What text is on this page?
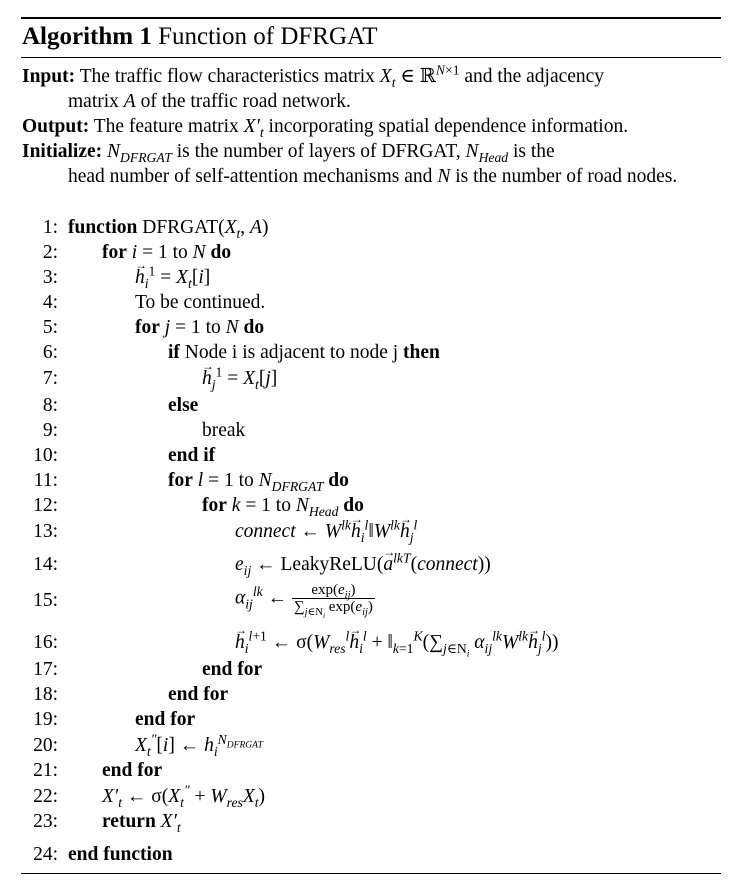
Algorithm 1 Function of DFRGAT
Input: The traffic flow characteristics matrix $X_t$ ∈ ℝ$^{N\times 1}$ and the adjacency
matrix A of the traffic road network.
Output: The feature matrix $X'_t$ incorporating spatial dependence information.
Initialize: $N_{DFRGAT}$ is the number of layers of DFRGAT, $N_{Head}$ is the
head number of self-attention mechanisms and N is the number of road nodes.
1: function $DFRGAT(X_t$, A)
2: for i = 1 to N do
3:	→ $h_i^1 = X_t[i]$
4:	To be continued.
5:	for j = 1 to N do
6:	if Node i is adjacent to node j then
7:	→ $h_j^1 = X_t[j]$
8:	else
9:	break
10:	end if
11:	for l = 1 to $N_{DFRGAT}$ do
12:	for k = 1 to $N_{Head}$ do
13:	connect ← $W^{lk}\to$ $h_i^l‖W^{lk}\to h_j^l$
14:	$e_{ij}$ ← LeakyReLU(→ $a^{lkT}(connect)$)
15:	$\alpha_{ij}^{lk}$ ← $\frac{\exp(e_{ij})}{\sum_{j\in N_i} \exp(e_{ij})}$
16:	→ $h_i^{l+1}$ ← $\sigma(W_{res}^l\to h_i^l$ + $‖_{k=1}^K(\sum_{j\in N_i}$ $\alpha_{ij}^{lk}W^{lk}\to h_j^l$))
17:	end for
18:	end for
19:	end for
20:	$X_t''[i]$ ← $h_i^{N_{DFRGAT}}$
21: end for
22: $X'_t$ ← $\sigma(X_t'' + W_{res}X_t)$
23: return $X'_t$
24: end function
